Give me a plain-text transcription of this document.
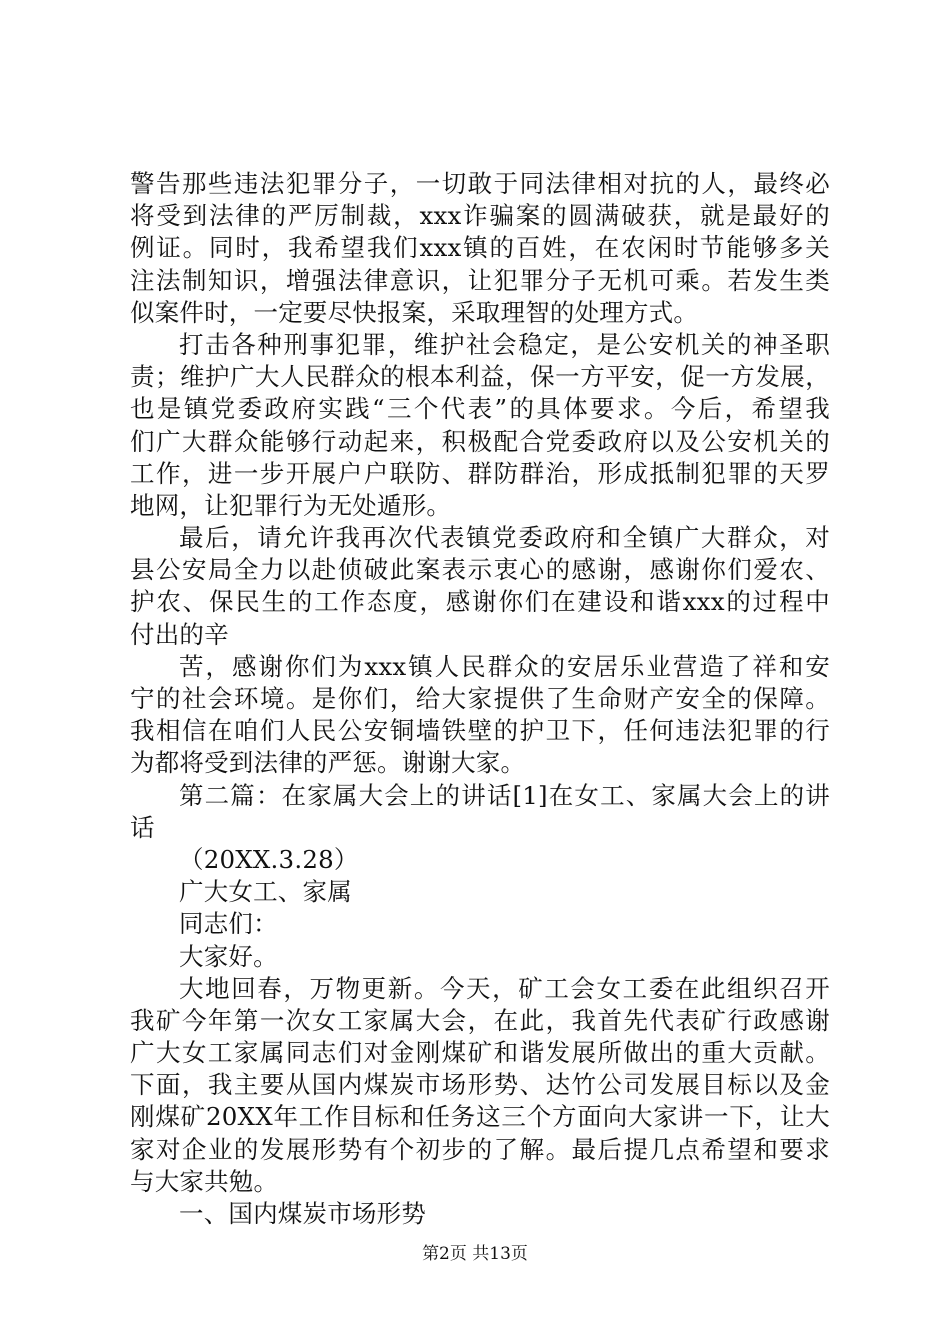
警告那些违法犯罪分子，一切敢于同法律相对抗的人，最终必
将受到法律的严厉制裁，xxx诈骗案的圆满破获，就是最好的
例证。同时，我希望我们xxx镇的百姓，在农闲时节能够多关
注法制知识，增强法律意识，让犯罪分子无机可乘。若发生类
似案件时，一定要尽快报案，采取理智的处理方式。
打击各种刑事犯罪，维护社会稳定，是公安机关的神圣职
责；维护广大人民群众的根本利益，保一方平安，促一方发展，
也是镇党委政府实践“三个代表”的具体要求。今后，希望我
们广大群众能够行动起来，积极配合党委政府以及公安机关的
工作，进一步开展户户联防、群防群治，形成抵制犯罪的天罗
地网，让犯罪行为无处遁形。
最后，请允许我再次代表镇党委政府和全镇广大群众，对
县公安局全力以赴侦破此案表示衷心的感谢，感谢你们爱农、
护农、保民生的工作态度，感谢你们在建设和谐xxx的过程中
付出的辛
苦，感谢你们为xxx镇人民群众的安居乐业营造了祥和安
宁的社会环境。是你们，给大家提供了生命财产安全的保障。
我相信在咱们人民公安铜墙铁壁的护卫下，任何违法犯罪的行
为都将受到法律的严惩。谢谢大家。
第二篇：在家属大会上的讲话[1]在女工、家属大会上的讲
话
（20XX.3.28）
广大女工、家属
同志们：
大家好。
大地回春，万物更新。今天，矿工会女工委在此组织召开
我矿今年第一次女工家属大会，在此，我首先代表矿行政感谢
广大女工家属同志们对金刚煤矿和谐发展所做出的重大贡献。
下面，我主要从国内煤炭市场形势、达竹公司发展目标以及金
刚煤矿20XX年工作目标和任务这三个方面向大家讲一下，让大
家对企业的发展形势有个初步的了解。最后提几点希望和要求
与大家共勉。
一、国内煤炭市场形势
第2页 共13页
